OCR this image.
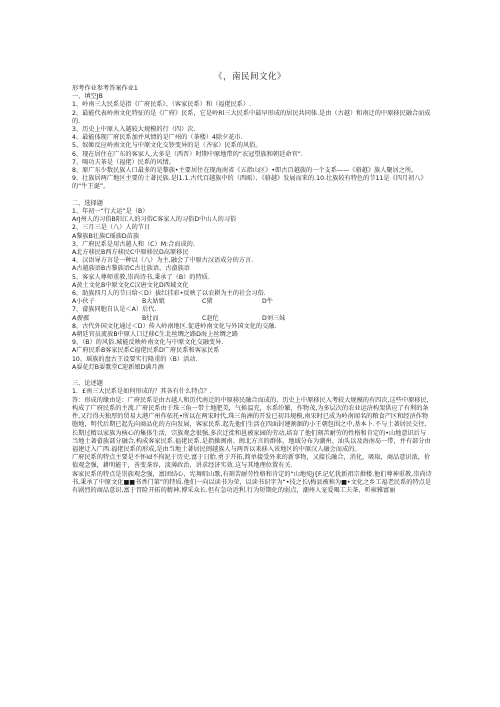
《，南民间文化》

形考作业参考答案作业1

一、填空JB

1、岭南三大民系是指《广府民系》、（客家民系）和（福佬民系）.

2、最能代表岭南文化特征的是《广府》民系，它是岭Rl三大民系中最早形成的居民共同体.是由（古越）和南迁的中原移民融合而成的.

3、历史上中原人入越较大规模的行（四）次.

4、最能体现广府民系加并风情的是广州的（茶楼）4除夕花市.

5、奴姬反应岭南文化与中原文化交钞变异的是（齐家）民系的风俗。

6、现在居住在广东的客家人,大多是（西晋）时期中原地带的“衣冠望族和朝廷命官”.

7、喝功夫茶是（福佬）民系的风情。

8、原广东少数民族人口最多的是黎族•主要居住在现海南省《五指山区》•即古百越族的一个支系——《骆越》族人聚居之所。

9、壮族居两广地区主要的土著民族.是l1.1.古代百越族中的（西瓯）、《骆越》发展而来的.10.壮族较有特色的节11是《四月初八》的“牛王诞”。

二、选择题

1、年初一“行大运”是（B）

ArJ州人的习俗B阳江人的习俗C客家人的习俗D中山人的习俗

2、三月三是（八）人的节日

A黎族B壮族C瑶族D苗族

3、广府民系是用古越人和（C）M:合而成的.

A北方移民B西方移民C中原移民D高原移民

4、汉语导方言是一种以（八）为主,融会了中原古汉语成分的方言.

A古越族语B古黎族语C古壮族语、古畲族语

5、客家人尊师重教,崇尚诗书,秉承了（B）的特质.

A黄土文化B中原文化C汉唐文化D西域文化

6、助族四月人的节日给＜D）拔红挂彩•反映了以农耕为主的社会习俗.

A小伙子	B大姑娘	C猪	D牛

7、畲族同胞自认是＜A）后代.

A殷瓠	B灶而	C赵佗	D刘三妹

8、古代外国文化通过＜D）传入岭南地区.促进岭南文化与外国文化的交融.

A朝廷官员流放B中原人口迁移C生北丝绸之路D海上丝绸之路

9、（B）的风俗.城能反映岭南文化与中原文化交融变异.

A广府民系B客家民系C福佬民系D广府民系和客家民系

10、瑶族的盘古王设要实行隆重的（B）活动.

A耍花灯B耍歌堂C迎新娘D满月酒

三、论述题

1．£南三大民系是如何形成的？其各有什么特点？.

答：形成的缘由是：广府民系是由古越人和历代南迁的中原移民融合而成的，历史上中原移民入考较大规模的有四次,这些中原移民,构成了广府民系的主流.广府民系由于珠三角一带土地肥美，气候温充，水系纷繁，作物茂,为多层次的农业运济构架供应了有利的条件,又行得天独厚的贸易大港广州作依托•所以在两宋时代,珠三角洲的开发已初具规模,南宋时已成为岭南闻名的粮食产区和经济作物胞地，明代后期已起先向商品化的方向发展，客家民系.起先他们生活在四面封建割据的小王朝包围之中,基本卜.不与土著居民交往,长期过精以家族为核心的集体生活，宗族观念很强,多次迁徙和邕被家园的劳动,培育了他们刻苦耐劳的性格和肯定的•山地意识后与当地土著畲族部分融合,构成客家民系.福佬民系.是指操闽南、闽北方言的群体，地域分布为潮州、汕头以及海南岛一带，并有部分由福建迁入广西.福佬民系的形成,是由当地土著居民闽越族人与两晋以来移入该地区的中原汉人融会而成的。

广府民系的特点主要是不怀Id不拘泥于历史,富于日胎.勇于开拓,简单接受外来的新事物，又接长融合，消化，吸取，商品意识浓，价值观念强，耕明能干，善变茶容，淡薄政治，讲求经济实效.这与其地理位置有关.

客家民系的特点是崇族观念强，富团结心，宪舞唱山歌,有刻苦耐劳性格和肯定的“山地宛J{F.记忆犹新祖宗揖楼.他们尊神重教,崇尚诗书,秉承了中原文化■■书香门第”的特质.他们一向以读书为荣，以读书识字为“•技之长\梅县被称为■•文化之乡工福老民系的特点是有剧烈的商品意识,富于胃险开拓的精神,博采众长.但有急功近利.行为短期化的弱点，潮州人宠爱喝工夫茶，听雍雅富丽
